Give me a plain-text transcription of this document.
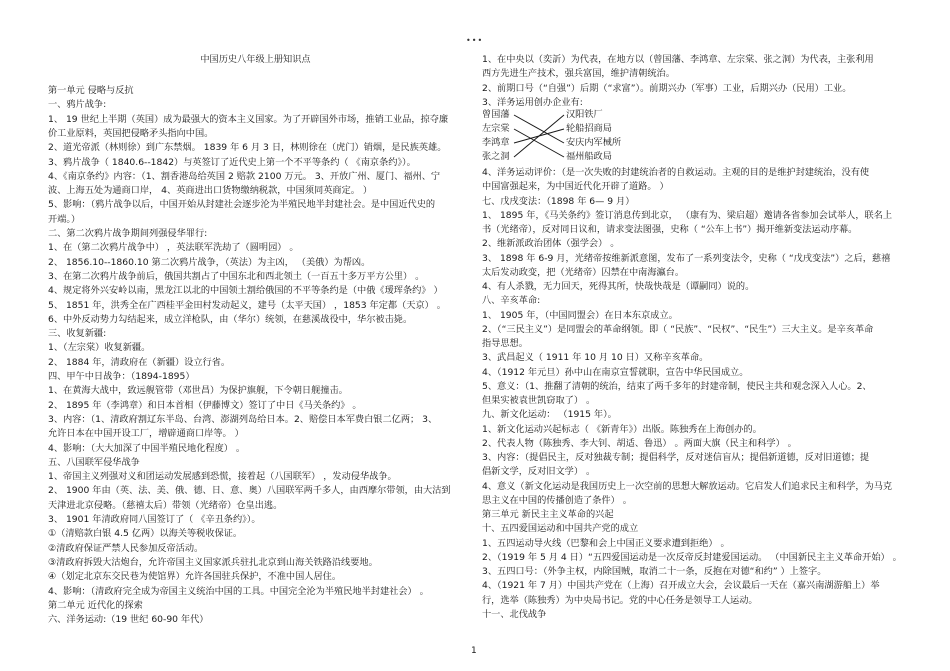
•••
中国历史八年级上册知识点
第一单元 侵略与反抗
一、鸦片战争:
1、 19 世纪上半期（英国）成为最强大的资本主义国家。为了开辟国外市场，推销工业品，掠夺廉
价工业原料，英国把侵略矛头指向中国。
2、道光帝派（林则徐）到广东禁烟。 1839 年 6 月 3 日，林则徐在（虎门）销烟，是民族英雄。
3、鸦片战争（ 1840.6--1842）与英签订了近代史上第一个不平等条约（ 《南京条约》）。
4、《南京条约》内容：（1、割香港岛给英国 2 赔款 2100 万元。 3、开放广州、厦门、福州、宁
波、上海五处为通商口岸， 4、英商进出口货物缴纳税款，中国须同英商定。 ）
5、影响：（鸦片战争以后，中国开始从封建社会逐步沦为半殖民地半封建社会。是中国近代史的
开端。）
二、第二次鸦片战争期间列强侵华罪行:
1、在（第二次鸦片战争中） ，英法联军洗劫了（圆明园） 。
2、 1856.10--1860.10 第二次鸦片战争，（英法）为主凶， （美俄）为帮凶。
3、在第二次鸦片战争前后，俄国共割占了中国东北和西北领土（一百五十多万平方公里） 。
4、规定将外兴安岭以南，黑龙江以北的中国领土割给俄国的不平等条约是（中俄《瑷珲条约》 ）
5、 1851 年，洪秀全在广西桂平金田村发动起义，建号（太平天国） ，1853 年定都（天京） 。
6、中外反动势力勾结起来，成立洋枪队，由（华尔）统领，在慈溪战役中，华尔被击毙。
三、收复新疆:
1、（左宗棠）收复新疆。
2、 1884 年，清政府在（新疆）设立行省。
四、甲午中日战争：（1894-1895）
1、在黄海大战中，致远舰管带（邓世昌）为保护旗舰，下令朝日舰撞击。
2、 1895 年（李鸿章）和日本首相（伊藤博文）签订了中日《马关条约》 。
3、内容：（1、清政府割辽东半岛、台湾、澎湖列岛给日本。2、赔偿日本军费白银二亿两； 3、
允许日本在中国开设工厂，增辟通商口岸等。 ）
4、影响：（大大加深了中国半殖民地化程度） 。
五、八国联军侵华战争
1、帝国主义列强对义和团运动发展感到恐慌，接着起（八国联军） ，发动侵华战争。
2、 1900 年由（英、法、美、俄、德、日、意、奥）八国联军两千多人，由西摩尔带领，由大沽到
天津进北京侵略。（慈禧太后）带领（光绪帝）仓皇出逃。
3、 1901 年清政府同八国签订了（ 《辛丑条约》）。
①（清赔款白银 4.5 亿两）以海关等税收保证。
②清政府保证严禁人民参加反帝活动。
③清政府拆毁大沽炮台，允许帝国主义国家派兵驻扎北京到山海关铁路沿线要地。
④（划定北京东交民巷为使馆界）允许各国驻兵保护，不准中国人居住。
4、影响：（清政府完全成为帝国主义统治中国的工具。中国完全沦为半殖民地半封建社会） 。
第二单元 近代化的探索
六、洋务运动:（19 世纪 60-90 年代）
曾国藩
左宗棠
李鸿章
张之洞
汉阳铁厂
轮船招商局
安庆内军械所
福州船政局
1、在中央以（奕訢）为代表，在地方以（曾国藩、李鸿章、左宗棠、张之洞）为代表，主张利用
西方先进生产技术，强兵富国，维护清朝统治。
2、前期口号（“自强”）后期（“求富”）。前期兴办（军事）工业，后期兴办（民用）工业。
3、洋务运用创办企业有:
4、洋务运动评价：（是一次失败的封建统治者的自救运动。主观的目的是维护封建统治，没有使
中国富强起来，为中国近代化开辟了道路。 ）
七、戊戌变法：（1898 年 6— 9 月）
1、 1895 年，《马关条约》签订消息传到北京， （康有为、梁启超）邀请各省参加会试举人，联名上
书（光绪帝），反对同日议和，请求变法图强，史称（ “公车上书”）揭开维新变法运动序幕。
2、维新派政治团体（强学会） 。
3、 1898 年 6-9 月，光绪帝按维新派意图，发布了一系列变法令，史称（ “戊戌变法”）之后，慈禧
太后发动政变，把（光绪帝）囚禁在中南海瀛台。
4、有人杀戮，无力回天，死得其所，快哉快哉是（谭嗣同）说的。
八、辛亥革命:
1、 1905 年，（中国同盟会）在日本东京成立。
2、（“三民主义”）是同盟会的革命纲领。即（ “民族”、“民权”、“民生”）三大主义。是辛亥革命
指导思想。
3、武昌起义（ 1911 年 10 月 10 日）又称辛亥革命。
4、（1912 年元旦）孙中山在南京宣誓就职，宣告中华民国成立。
5、意义：（1、推翻了清朝的统治，结束了两千多年的封建帝制，使民主共和观念深入人心。2、
但果实被袁世凯窃取了） 。
九、新文化运动： （1915 年）。
1、新文化运动兴起标志（ 《新青年》）出版。陈独秀在上海创办的。
2、代表人物（陈独秀、李大钊、胡适、鲁迅） 。两面大旗（民主和科学） 。
3、内容：（提倡民主，反对独裁专制；提倡科学，反对迷信盲从；提倡新道德，反对旧道德；提
倡新文学，反对旧文学） 。
4、意义（新文化运动是我国历史上一次空前的思想大解放运动。它启发人们追求民主和科学，为马克
思主义在中国的传播创造了条件） 。
第三单元 新民主主义革命的兴起
十、五四爱国运动和中国共产党的成立
1、五四运动导火线（巴黎和会上中国正义要求遭到拒绝） 。
2、（1919 年 5 月 4 日）“五四爱国运动是一次反帝反封建爱国运动。 （中国新民主主义革命开始） 。
3、五四口号：（外争主权，内除国贼，取消二十一条，反抱在对德“和约” ）上签字。
4、（1921 年 7 月）中国共产党在（上海）召开成立大会，会议最后一天在（嘉兴南湖游船上）举
行，选举（陈独秀）为中央局书记。党的中心任务是领导工人运动。
十一、北伐战争
1
